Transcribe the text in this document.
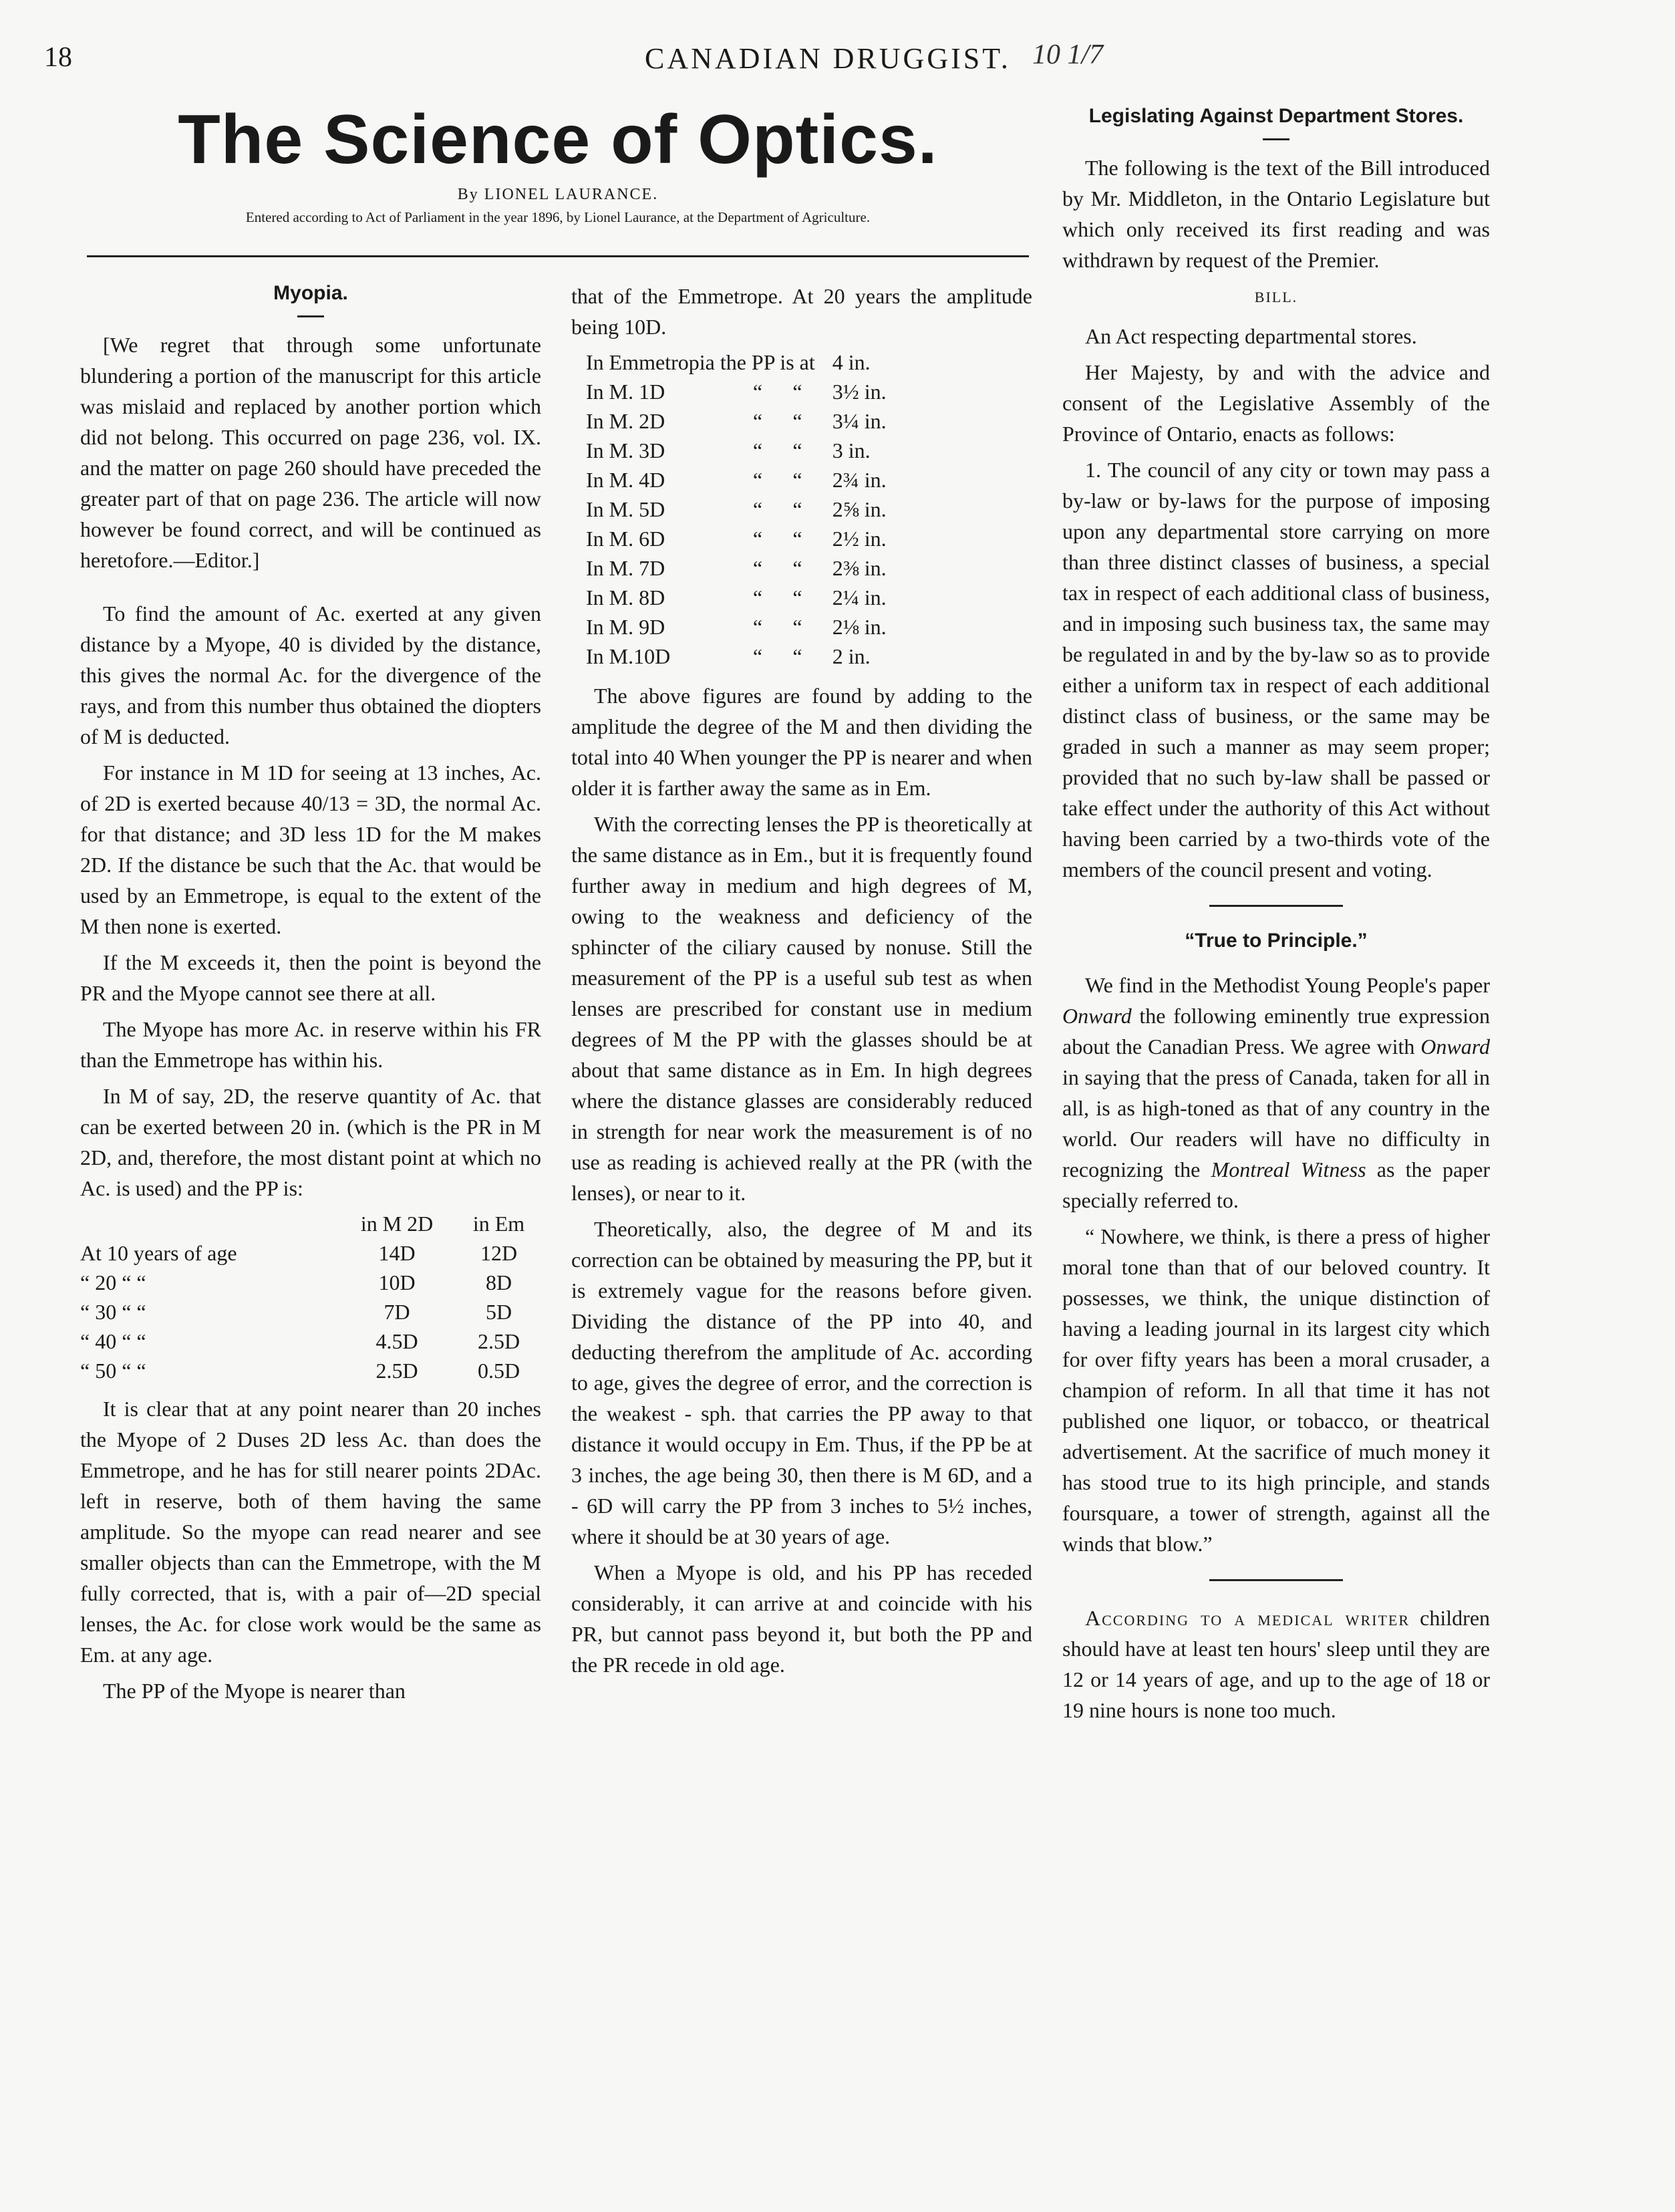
18	CANADIAN DRUGGIST. 10 1/7
The Science of Optics.
By LIONEL LAURANCE.
Entered according to Act of Parliament in the year 1896, by Lionel Laurance, at the Department of Agriculture.
Myopia.

[We regret that through some unfortunate blundering a portion of the manuscript for this article was mislaid and replaced by another portion which did not belong. This occurred on page 236, vol. IX. and the matter on page 260 should have preceded the greater part of that on page 236. The article will now however be found correct, and will be continued as heretofore.—Editor.]

To find the amount of Ac. exerted at any given distance by a Myope, 40 is divided by the distance, this gives the normal Ac. for the divergence of the rays, and from this number thus obtained the diopters of M is deducted.

For instance in M 1D for seeing at 13 inches, Ac. of 2D is exerted because 40/13 = 3D, the normal Ac. for that distance; and 3D less 1D for the M makes 2D. If the distance be such that the Ac. that would be used by an Emmetrope, is equal to the extent of the M then none is exerted.

If the M exceeds it, then the point is beyond the PR and the Myope cannot see there at all.

The Myope has more Ac. in reserve within his FR than the Emmetrope has within his.

In M of say, 2D, the reserve quantity of Ac. that can be exerted between 20 in. (which is the PR in M 2D, and, therefore, the most distant point at which no Ac. is used) and the PP is:

	in M 2D	in Em
At 10 years of age	14D	12D
“ 20 “ “	10D	8D
“ 30 “ “	7D	5D
“ 40 “ “	4.5D	2.5D
“ 50 “ “	2.5D	0.5D

It is clear that at any point nearer than 20 inches the Myope of 2 Duses 2D less Ac. than does the Emmetrope, and he has for still nearer points 2DAc. left in reserve, both of them having the same amplitude. So the myope can read nearer and see smaller objects than can the Emmetrope, with the M fully corrected, that is, with a pair of—2D special lenses, the Ac. for close work would be the same as Em. at any age.

The PP of the Myope is nearer than

that of the Emmetrope. At 20 years the amplitude being 10D.

In Emmetropia the PP is at			4 in.
In M. 1D	“	“	3½ in.
In M. 2D	“	“	3¼ in.
In M. 3D	“	“	3 in.
In M. 4D	“	“	2¾ in.
In M. 5D	“	“	2⅝ in.
In M. 6D	“	“	2½ in.
In M. 7D	“	“	2⅜ in.
In M. 8D	“	“	2¼ in.
In M. 9D	“	“	2⅛ in.
In M.10D	“	“	2 in.

The above figures are found by adding to the amplitude the degree of the M and then dividing the total into 40 When younger the PP is nearer and when older it is farther away the same as in Em.

With the correcting lenses the PP is theoretically at the same distance as in Em., but it is frequently found further away in medium and high degrees of M, owing to the weakness and deficiency of the sphincter of the ciliary caused by nonuse. Still the measurement of the PP is a useful sub test as when lenses are prescribed for constant use in medium degrees of M the PP with the glasses should be at about that same distance as in Em. In high degrees where the distance glasses are considerably reduced in strength for near work the measurement is of no use as reading is achieved really at the PR (with the lenses), or near to it.

Theoretically, also, the degree of M and its correction can be obtained by measuring the PP, but it is extremely vague for the reasons before given. Dividing the distance of the PP into 40, and deducting therefrom the amplitude of Ac. according to age, gives the degree of error, and the correction is the weakest - sph. that carries the PP away to that distance it would occupy in Em. Thus, if the PP be at 3 inches, the age being 30, then there is M 6D, and a - 6D will carry the PP from 3 inches to 5½ inches, where it should be at 30 years of age.

When a Myope is old, and his PP has receded considerably, it can arrive at and coincide with his PR, but cannot pass beyond it, but both the PP and the PR recede in old age.

Legislating Against Department Stores.

The following is the text of the Bill introduced by Mr. Middleton, in the Ontario Legislature but which only received its first reading and was withdrawn by request of the Premier.

BILL.

An Act respecting departmental stores.

Her Majesty, by and with the advice and consent of the Legislative Assembly of the Province of Ontario, enacts as follows:

1. The council of any city or town may pass a by-law or by-laws for the purpose of imposing upon any departmental store carrying on more than three distinct classes of business, a special tax in respect of each additional class of business, and in imposing such business tax, the same may be regulated in and by the by-law so as to provide either a uniform tax in respect of each additional distinct class of business, or the same may be graded in such a manner as may seem proper; provided that no such by-law shall be passed or take effect under the authority of this Act without having been carried by a two-thirds vote of the members of the council present and voting.

“True to Principle.”

We find in the Methodist Young People's paper Onward the following eminently true expression about the Canadian Press. We agree with Onward in saying that the press of Canada, taken for all in all, is as high-toned as that of any country in the world. Our readers will have no difficulty in recognizing the Montreal Witness as the paper specially referred to.

“ Nowhere, we think, is there a press of higher moral tone than that of our beloved country. It possesses, we think, the unique distinction of having a leading journal in its largest city which for over fifty years has been a moral crusader, a champion of reform. In all that time it has not published one liquor, or tobacco, or theatrical advertisement. At the sacrifice of much money it has stood true to its high principle, and stands foursquare, a tower of strength, against all the winds that blow.”

According to a medical writer children should have at least ten hours' sleep until they are 12 or 14 years of age, and up to the age of 18 or 19 nine hours is none too much.
